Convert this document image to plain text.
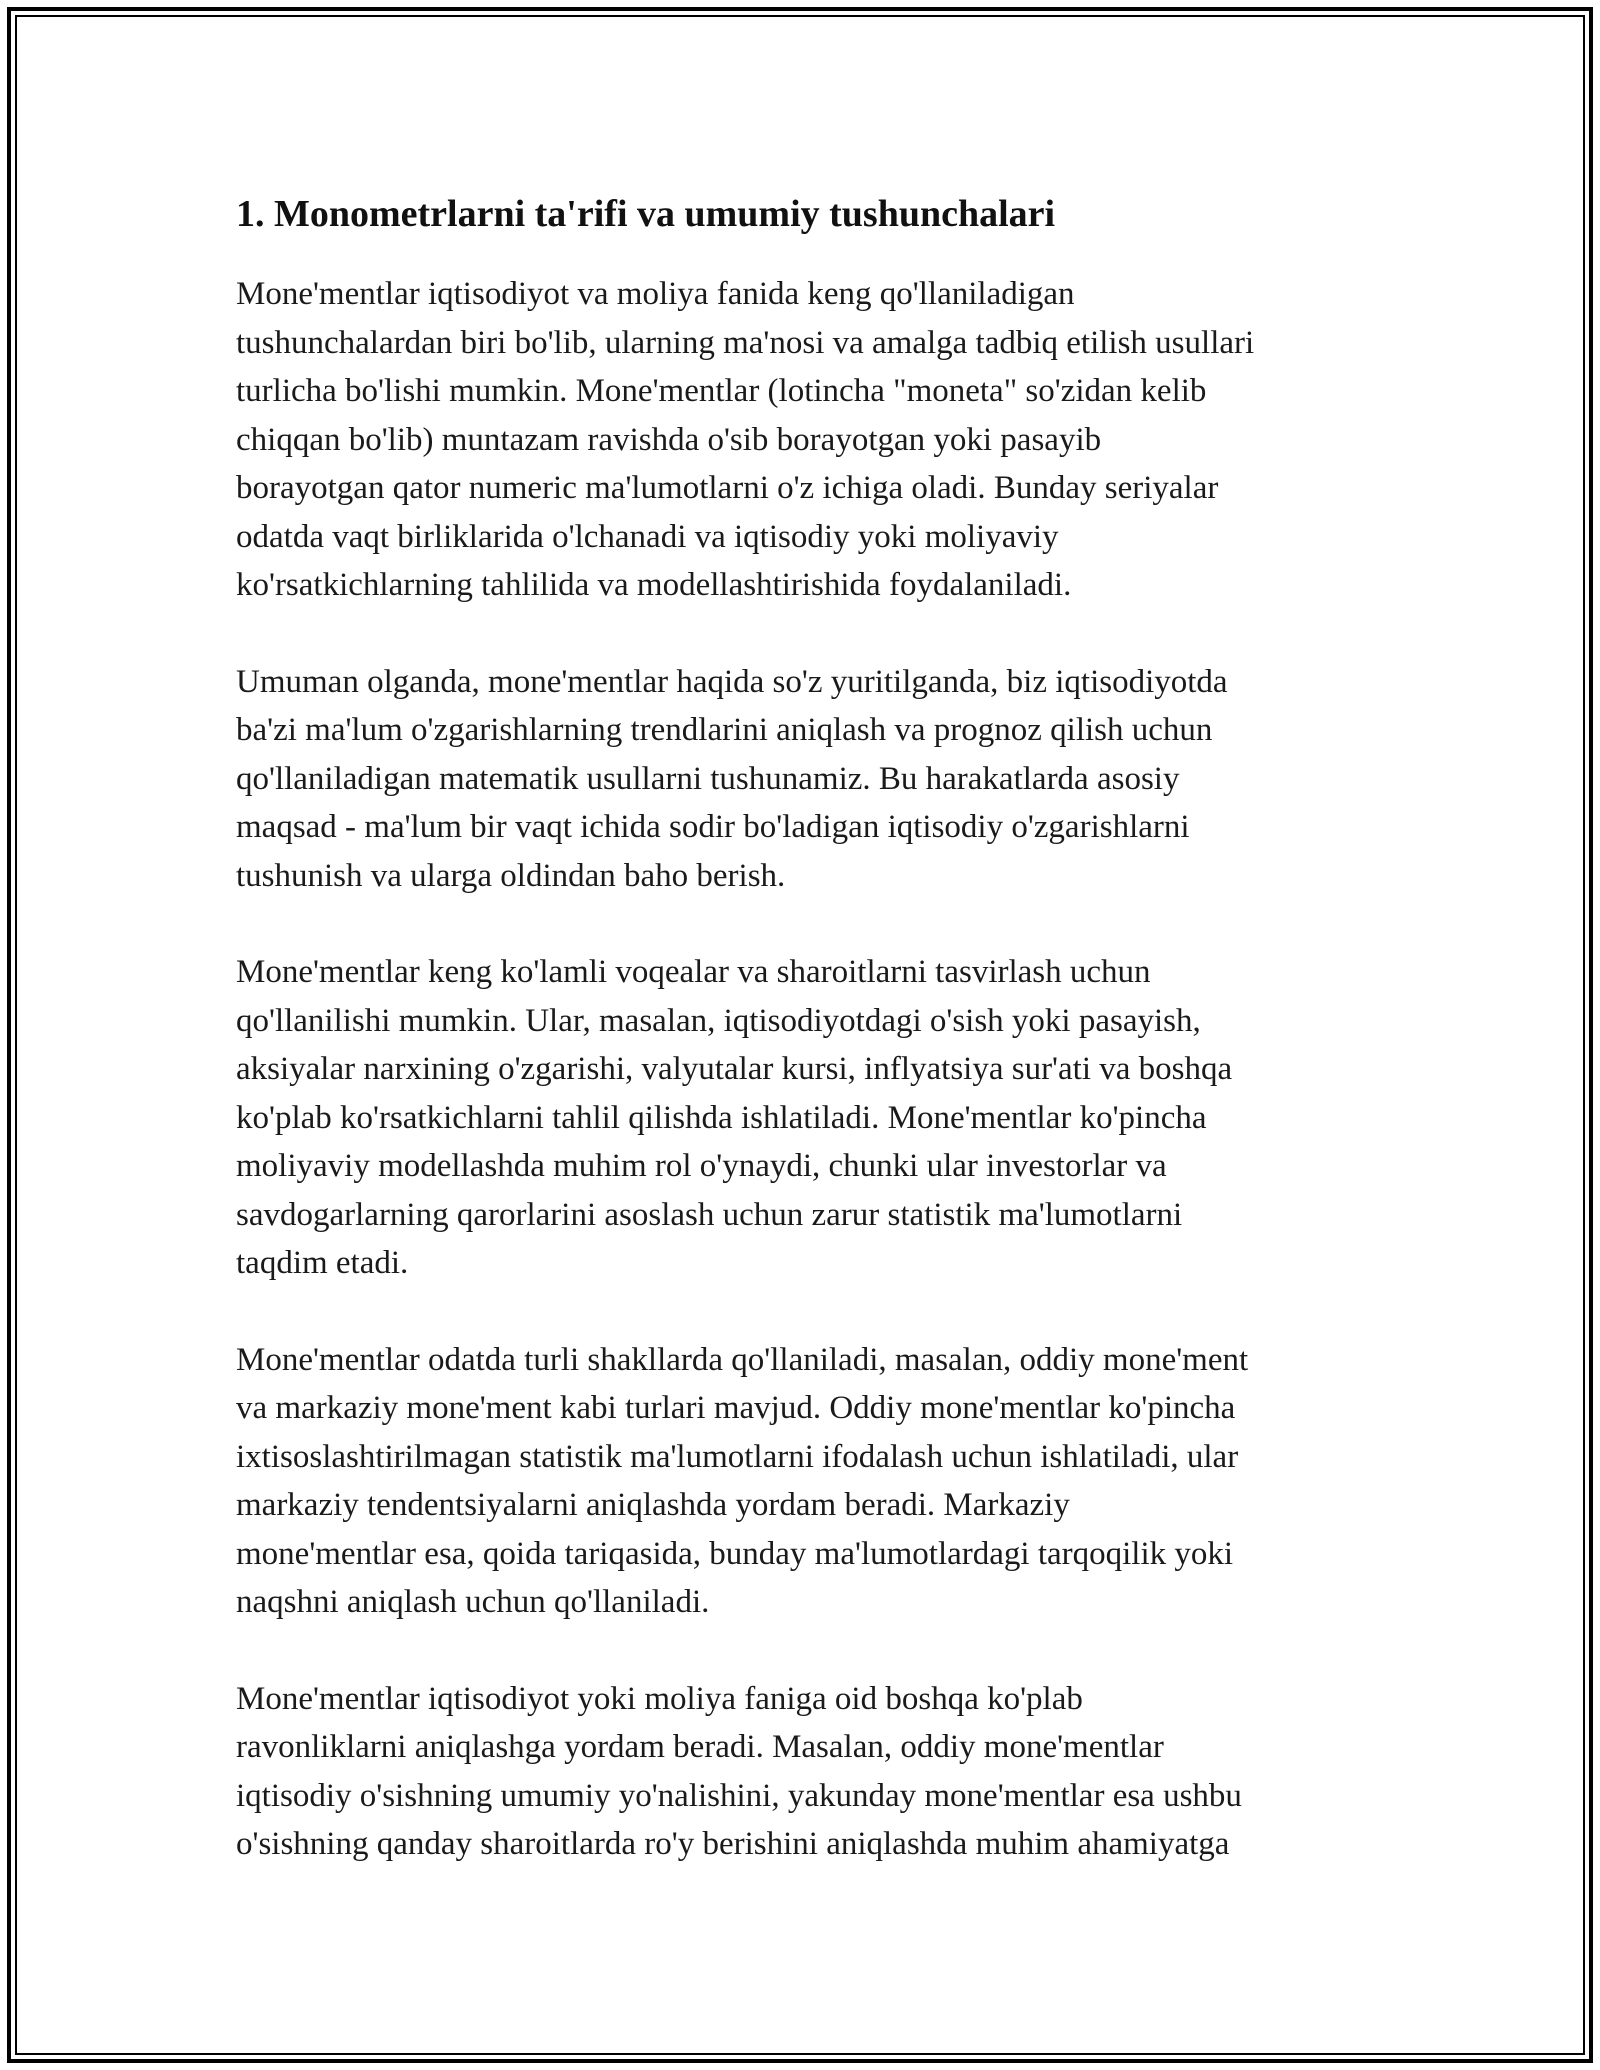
1. Monometrlarni ta'rifi va umumiy tushunchalari

Mone'mentlar iqtisodiyot va moliya fanida keng qo'llaniladigan
tushunchalardan biri bo'lib, ularning ma'nosi va amalga tadbiq etilish usullari
turlicha bo'lishi mumkin. Mone'mentlar (lotincha "moneta" so'zidan kelib
chiqqan bo'lib) muntazam ravishda o'sib borayotgan yoki pasayib
borayotgan qator numeric ma'lumotlarni o'z ichiga oladi. Bunday seriyalar
odatda vaqt birliklarida o'lchanadi va iqtisodiy yoki moliyaviy
ko'rsatkichlarning tahlilida va modellashtirishida foydalaniladi.

Umuman olganda, mone'mentlar haqida so'z yuritilganda, biz iqtisodiyotda
ba'zi ma'lum o'zgarishlarning trendlarini aniqlash va prognoz qilish uchun
qo'llaniladigan matematik usullarni tushunamiz. Bu harakatlarda asosiy
maqsad - ma'lum bir vaqt ichida sodir bo'ladigan iqtisodiy o'zgarishlarni
tushunish va ularga oldindan baho berish.

Mone'mentlar keng ko'lamli voqealar va sharoitlarni tasvirlash uchun
qo'llanilishi mumkin. Ular, masalan, iqtisodiyotdagi o'sish yoki pasayish,
aksiyalar narxining o'zgarishi, valyutalar kursi, inflyatsiya sur'ati va boshqa
ko'plab ko'rsatkichlarni tahlil qilishda ishlatiladi. Mone'mentlar ko'pincha
moliyaviy modellashda muhim rol o'ynaydi, chunki ular investorlar va
savdogarlarning qarorlarini asoslash uchun zarur statistik ma'lumotlarni
taqdim etadi.

Mone'mentlar odatda turli shakllarda qo'llaniladi, masalan, oddiy mone'ment
va markaziy mone'ment kabi turlari mavjud. Oddiy mone'mentlar ko'pincha
ixtisoslashtirilmagan statistik ma'lumotlarni ifodalash uchun ishlatiladi, ular
markaziy tendentsiyalarni aniqlashda yordam beradi. Markaziy
mone'mentlar esa, qoida tariqasida, bunday ma'lumotlardagi tarqoqilik yoki
naqshni aniqlash uchun qo'llaniladi.

Mone'mentlar iqtisodiyot yoki moliya faniga oid boshqa ko'plab
ravonliklarni aniqlashga yordam beradi. Masalan, oddiy mone'mentlar
iqtisodiy o'sishning umumiy yo'nalishini, yakunday mone'mentlar esa ushbu
o'sishning qanday sharoitlarda ro'y berishini aniqlashda muhim ahamiyatga
